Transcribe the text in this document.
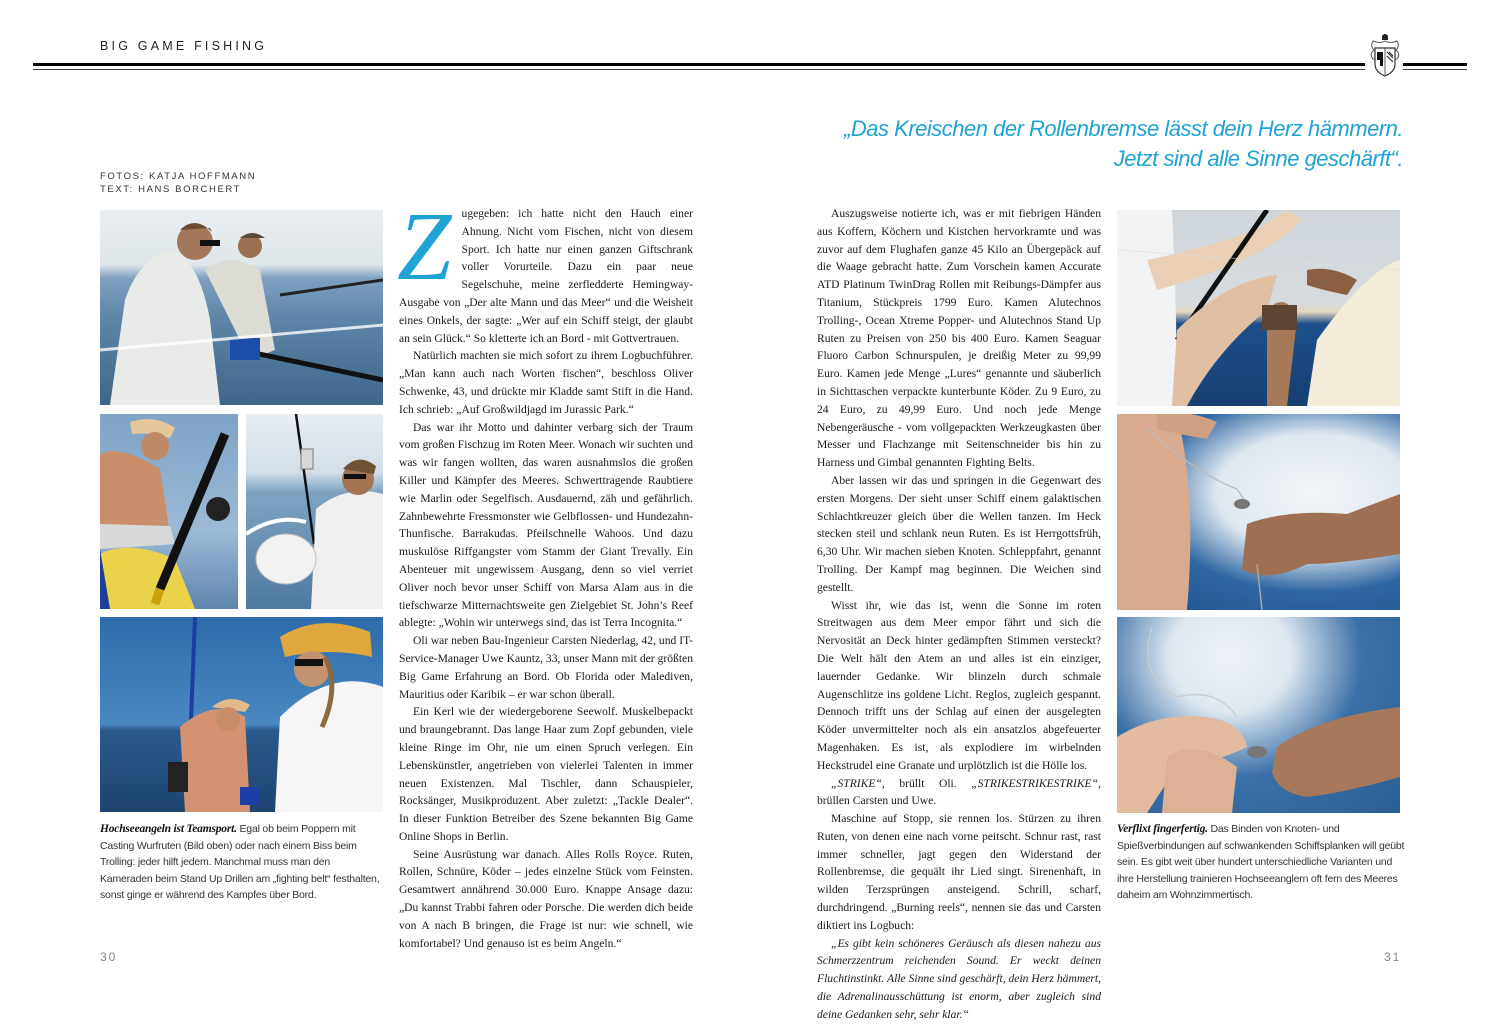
BIG GAME FISHING
FOTOS: KATJA HOFFMANN
TEXT: HANS BORCHERT
„Das Kreischen der Rollenbremse lässt dein Herz hämmern.
Jetzt sind alle Sinne geschärft“.
Hochseeangeln ist Teamsport. Egal ob beim Poppern mit Casting Wurfruten (Bild oben) oder nach einem Biss beim Trolling: jeder hilft jedem. Manchmal muss man den Kameraden beim Stand Up Drillen am „fighting belt“ festhalten, sonst ginge er während des Kampfes über Bord.

Zugegeben: ich hatte nicht den Hauch einer Ahnung. Nicht vom Fischen, nicht von diesem Sport. Ich hatte nur einen ganzen Giftschrank voller Vorurteile. Dazu ein paar neue Segelschuhe, meine zerfledderte Hemingway-Ausgabe von „Der alte Mann und das Meer“ und die Weisheit eines Onkels, der sagte: „Wer auf ein Schiff steigt, der glaubt an sein Glück.“ So kletterte ich an Bord - mit Gottvertrauen.

Natürlich machten sie mich sofort zu ihrem Logbuchführer. „Man kann auch nach Worten fischen“, beschloss Oliver Schwenke, 43, und drückte mir Kladde samt Stift in die Hand. Ich schrieb: „Auf Großwildjagd im Jurassic Park.“

Das war ihr Motto und dahinter verbarg sich der Traum vom großen Fischzug im Roten Meer. Wonach wir suchten und was wir fangen wollten, das waren ausnahmslos die großen Killer und Kämpfer des Meeres. Schwerttragende Raubtiere wie Marlin oder Segelfisch. Ausdauernd, zäh und gefährlich. Zahnbewehrte Fressmonster wie Gelbflossen- und Hundezahn-Thunfische. Barrakudas. Pfeilschnelle Wahoos. Und dazu muskulöse Riffgangster vom Stamm der Giant Trevally. Ein Abenteuer mit ungewissem Ausgang, denn so viel verriet Oliver noch bevor unser Schiff von Marsa Alam aus in die tiefschwarze Mitternachtsweite gen Zielgebiet St. John’s Reef ablegte: „Wohin wir unterwegs sind, das ist Terra Incognita.“

Oli war neben Bau-Ingenieur Carsten Niederlag, 42, und IT-Service-Manager Uwe Kauntz, 33, unser Mann mit der größten Big Game Erfahrung an Bord. Ob Florida oder Malediven, Mauritius oder Karibik – er war schon überall.

Ein Kerl wie der wiedergeborene Seewolf. Muskelbepackt und braungebrannt. Das lange Haar zum Zopf gebunden, viele kleine Ringe im Ohr, nie um einen Spruch verlegen. Ein Lebenskünstler, angetrieben von vielerlei Talenten in immer neuen Existenzen. Mal Tischler, dann Schauspieler, Rocksänger, Musikproduzent. Aber zuletzt: „Tackle Dealer“. In dieser Funktion Betreiber des Szene bekannten Big Game Online Shops in Berlin.

Seine Ausrüstung war danach. Alles Rolls Royce. Ruten, Rollen, Schnüre, Köder – jedes einzelne Stück vom Feinsten. Gesamtwert annährend 30.000 Euro. Knappe Ansage dazu: „Du kannst Trabbi fahren oder Porsche. Die werden dich beide von A nach B bringen, die Frage ist nur: wie schnell, wie komfortabel? Und genauso ist es beim Angeln.“

Auszugsweise notierte ich, was er mit fiebrigen Händen aus Koffern, Köchern und Kistchen hervorkramte und was zuvor auf dem Flughafen ganze 45 Kilo an Übergepäck auf die Waage gebracht hatte. Zum Vorschein kamen Accurate ATD Platinum TwinDrag Rollen mit Reibungs-Dämpfer aus Titanium, Stückpreis 1799 Euro. Kamen Alutechnos Trolling-, Ocean Xtreme Popper- und Alutechnos Stand Up Ruten zu Preisen von 250 bis 400 Euro. Kamen Seaguar Fluoro Carbon Schnurspulen, je dreißig Meter zu 99,99 Euro. Kamen jede Menge „Lures“ genannte und säuberlich in Sichttaschen verpackte kunterbunte Köder. Zu 9 Euro, zu 24 Euro, zu 49,99 Euro. Und noch jede Menge Nebengeräusche - vom vollgepackten Werkzeugkasten über Messer und Flachzange mit Seitenschneider bis hin zu Harness und Gimbal genannten Fighting Belts.

Aber lassen wir das und springen in die Gegenwart des ersten Morgens. Der sieht unser Schiff einem galaktischen Schlachtkreuzer gleich über die Wellen tanzen. Im Heck stecken steil und schlank neun Ruten. Es ist Herrgottsfrüh, 6,30 Uhr. Wir machen sieben Knoten. Schleppfahrt, genannt Trolling. Der Kampf mag beginnen. Die Weichen sind gestellt.

Wisst ihr, wie das ist, wenn die Sonne im roten Streitwagen aus dem Meer empor fährt und sich die Nervosität an Deck hinter gedämpften Stimmen versteckt? Die Welt hält den Atem an und alles ist ein einziger, lauernder Gedanke. Wir blinzeln durch schmale Augenschlitze ins goldene Licht. Reglos, zugleich gespannt. Dennoch trifft uns der Schlag auf einen der ausgelegten Köder unvermittelter noch als ein ansatzlos abgefeuerter Magenhaken. Es ist, als explodiere im wirbelnden Heckstrudel eine Granate und urplötzlich ist die Hölle los.

„STRIKE“, brüllt Oli. „STRIKESTRIKESTRIKE“, brüllen Carsten und Uwe.

Maschine auf Stopp, sie rennen los. Stürzen zu ihren Ruten, von denen eine nach vorne peitscht. Schnur rast, rast immer schneller, jagt gegen den Widerstand der Rollenbremse, die gequält ihr Lied singt. Sirenenhaft, in wilden Terzsprüngen ansteigend. Schrill, scharf, durchdringend. „Burning reels“, nennen sie das und Carsten diktiert ins Logbuch:

„Es gibt kein schöneres Geräusch als diesen nahezu aus Schmerzzentrum reichenden Sound. Er weckt deinen Fluchtinstinkt. Alle Sinne sind geschärft, dein Herz hämmert, die Adrenalinausschüttung ist enorm, aber zugleich sind deine Gedanken sehr, sehr klar.“

Verflixt fingerfertig. Das Binden von Knoten- und Spießverbindungen auf schwankenden Schiffsplanken will geübt sein. Es gibt weit über hundert unterschiedliche Varianten und ihre Herstellung trainieren Hochseeanglern oft fern des Meeres daheim am Wohnzimmertisch.
30	31
